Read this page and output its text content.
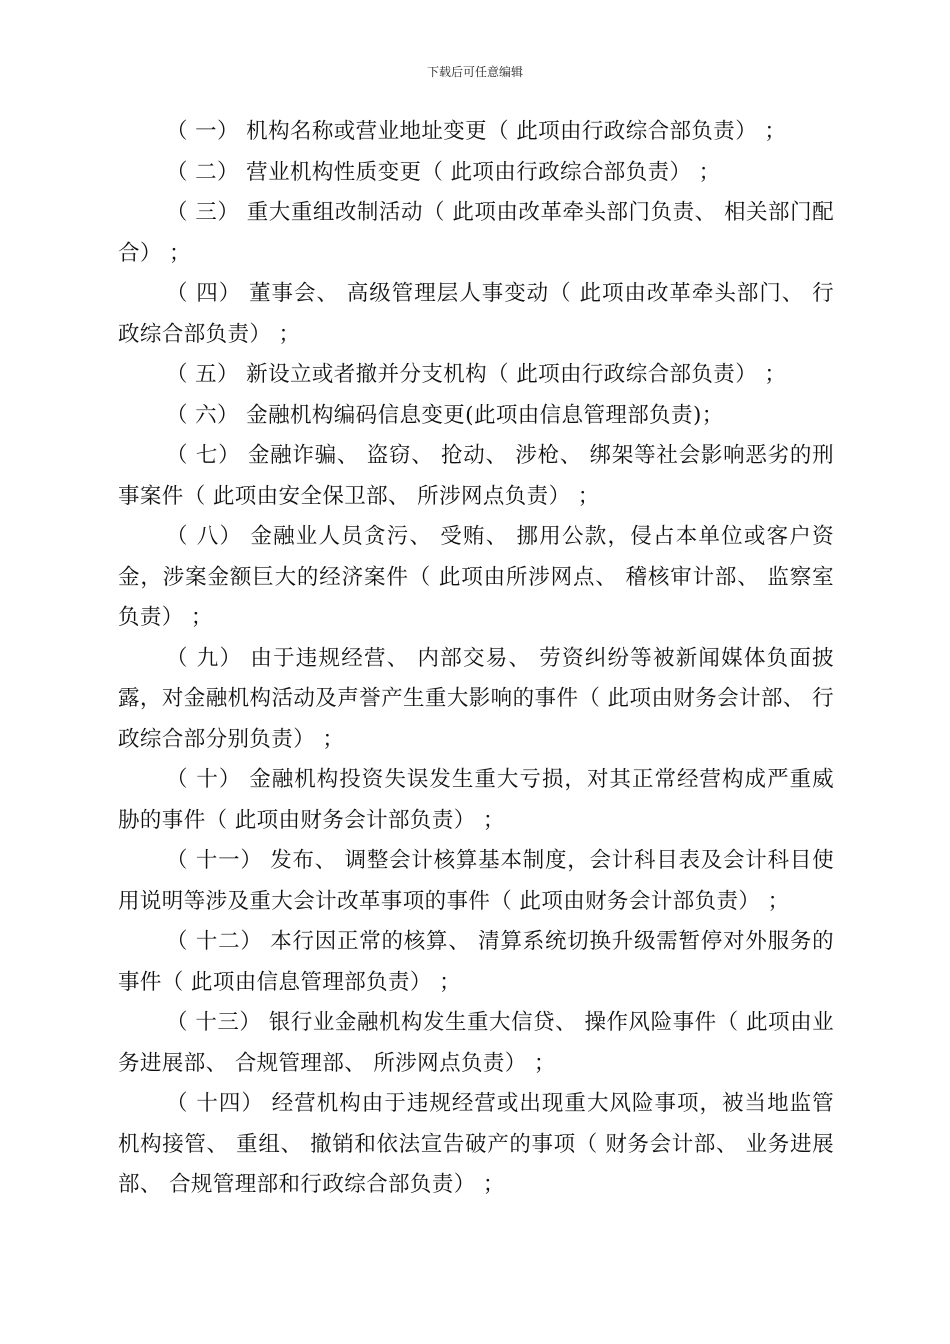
下载后可任意编辑

（ 一） 机构名称或营业地址变更（ 此项由行政综合部负责） ；

（ 二） 营业机构性质变更（ 此项由行政综合部负责） ；

（ 三） 重大重组改制活动（ 此项由改革牵头部门负责、 相关部门配合） ；

（ 四） 董事会、 高级管理层人事变动（ 此项由改革牵头部门、 行政综合部负责） ；

（ 五） 新设立或者撤并分支机构（ 此项由行政综合部负责） ；

（ 六） 金融机构编码信息变更(此项由信息管理部负责)；

（ 七） 金融诈骗、 盗窃、 抢动、 涉枪、 绑架等社会影响恶劣的刑事案件（ 此项由安全保卫部、 所涉网点负责） ；

（ 八） 金融业人员贪污、 受贿、 挪用公款，侵占本单位或客户资金，涉案金额巨大的经济案件（ 此项由所涉网点、 稽核审计部、 监察室负责） ；

（ 九） 由于违规经营、 内部交易、 劳资纠纷等被新闻媒体负面披露，对金融机构活动及声誉产生重大影响的事件（ 此项由财务会计部、 行政综合部分别负责） ；

（ 十） 金融机构投资失误发生重大亏损，对其正常经营构成严重威胁的事件（ 此项由财务会计部负责） ；

（ 十一） 发布、 调整会计核算基本制度，会计科目表及会计科目使用说明等涉及重大会计改革事项的事件（ 此项由财务会计部负责） ；

（ 十二） 本行因正常的核算、 清算系统切换升级需暂停对外服务的事件（ 此项由信息管理部负责） ；

（ 十三） 银行业金融机构发生重大信贷、 操作风险事件（ 此项由业务进展部、 合规管理部、 所涉网点负责） ；

（ 十四） 经营机构由于违规经营或出现重大风险事项，被当地监管机构接管、 重组、 撤销和依法宣告破产的事项（ 财务会计部、 业务进展部、 合规管理部和行政综合部负责） ；
